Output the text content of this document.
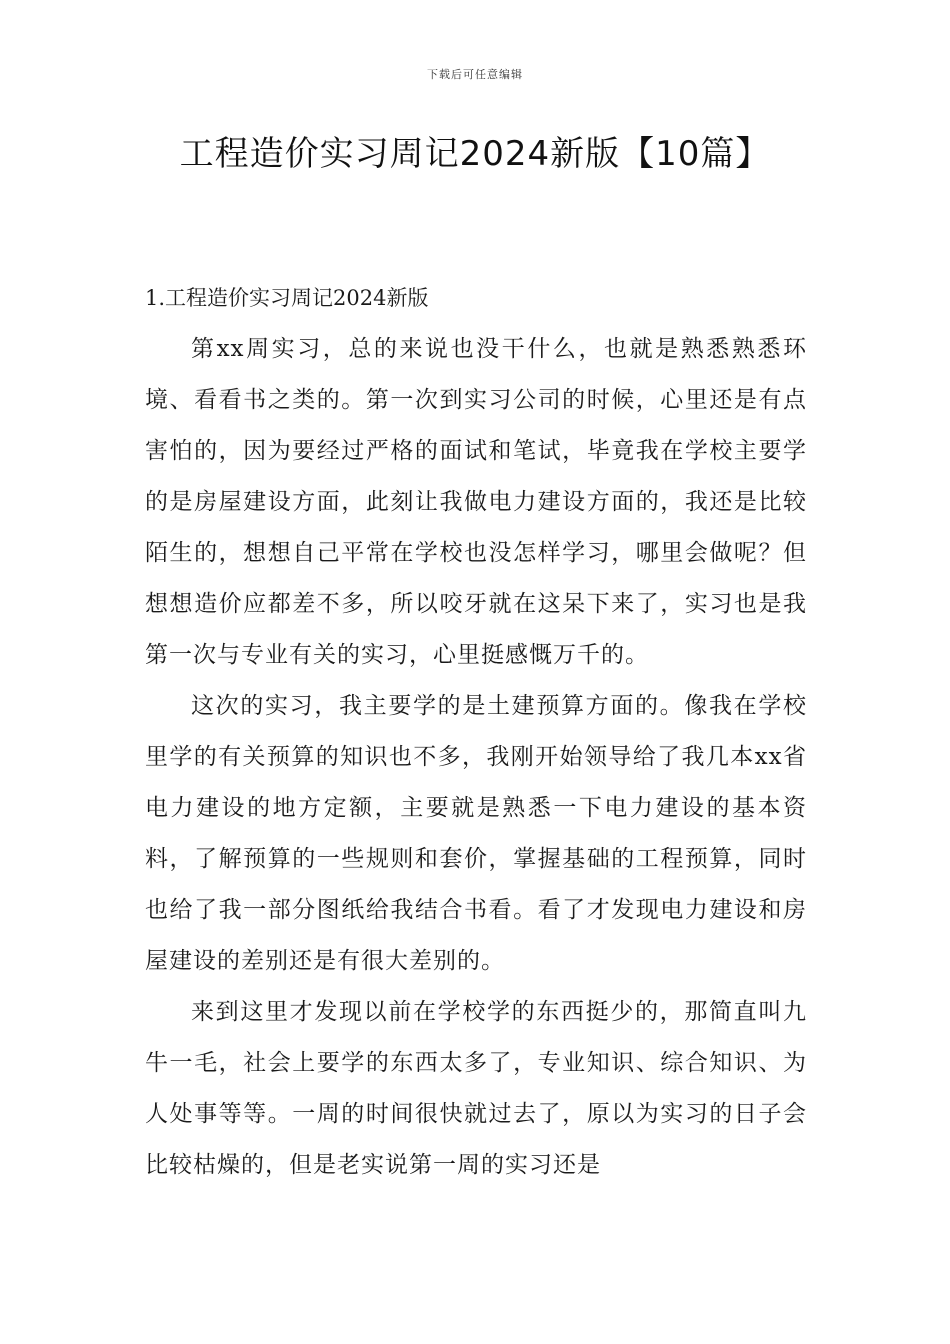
下载后可任意编辑
工程造价实习周记2024新版【10篇】

1.工程造价实习周记2024新版

第xx周实习，总的来说也没干什么，也就是熟悉熟悉环境、看看书之类的。第一次到实习公司的时候，心里还是有点害怕的，因为要经过严格的面试和笔试，毕竟我在学校主要学的是房屋建设方面，此刻让我做电力建设方面的，我还是比较陌生的，想想自己平常在学校也没怎样学习，哪里会做呢？但想想造价应都差不多，所以咬牙就在这呆下来了，实习也是我第一次与专业有关的实习，心里挺感慨万千的。

这次的实习，我主要学的是土建预算方面的。像我在学校里学的有关预算的知识也不多，我刚开始领导给了我几本xx省电力建设的地方定额，主要就是熟悉一下电力建设的基本资料，了解预算的一些规则和套价，掌握基础的工程预算，同时也给了我一部分图纸给我结合书看。看了才发现电力建设和房屋建设的差别还是有很大差别的。

来到这里才发现以前在学校学的东西挺少的，那简直叫九牛一毛，社会上要学的东西太多了，专业知识、综合知识、为人处事等等。一周的时间很快就过去了，原以为实习的日子会比较枯燥的，但是老实说第一周的实习还是
